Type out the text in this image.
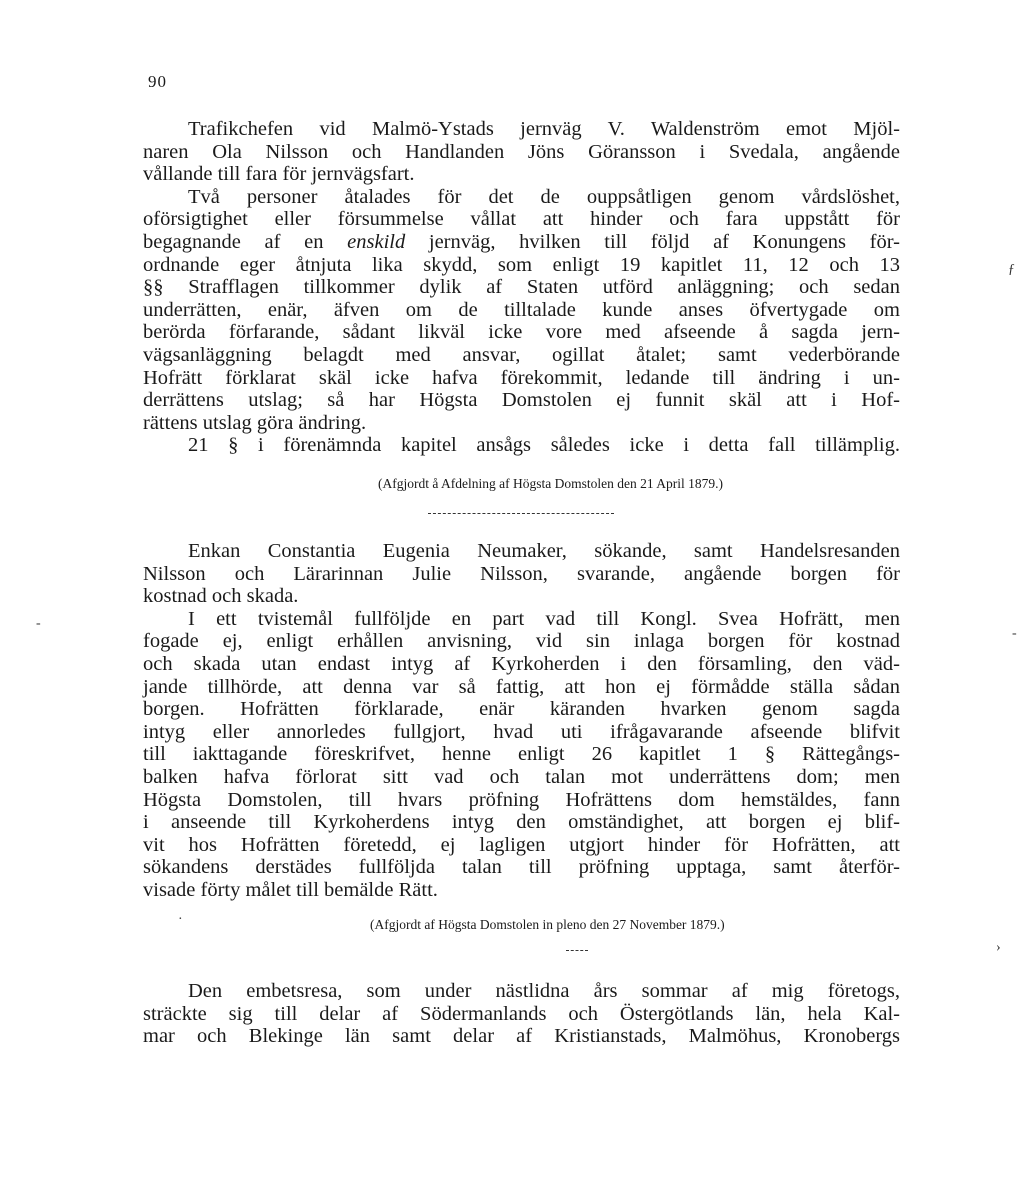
90
Trafikchefen vid Malmö-Ystads jernväg V. Waldenström emot Mjöl-
naren Ola Nilsson och Handlanden Jöns Göransson i Svedala, angående
vållande till fara för jernvägsfart.
Två personer åtalades för det de ouppsåtligen genom vårdslöshet,
oförsigtighet eller försummelse vållat att hinder och fara uppstått för
begagnande af en enskild jernväg, hvilken till följd af Konungens för-
ordnande eger åtnjuta lika skydd, som enligt 19 kapitlet 11, 12 och 13
§§ Strafflagen tillkommer dylik af Staten utförd anläggning; och sedan
underrätten, enär, äfven om de tilltalade kunde anses öfvertygade om
berörda förfarande, sådant likväl icke vore med afseende å sagda jern-
vägsanläggning belagdt med ansvar, ogillat åtalet; samt vederbörande
Hofrätt förklarat skäl icke hafva förekommit, ledande till ändring i un-
derrättens utslag; så har Högsta Domstolen ej funnit skäl att i Hof-
rättens utslag göra ändring.
21 § i förenämnda kapitel ansågs således icke i detta fall tillämplig.
(Afgjordt å Afdelning af Högsta Domstolen den 21 April 1879.)
Enkan Constantia Eugenia Neumaker, sökande, samt Handelsresanden
Nilsson och Lärarinnan Julie Nilsson, svarande, angående borgen för
kostnad och skada.
I ett tvistemål fullföljde en part vad till Kongl. Svea Hofrätt, men
fogade ej, enligt erhållen anvisning, vid sin inlaga borgen för kostnad
och skada utan endast intyg af Kyrkoherden i den församling, den väd-
jande tillhörde, att denna var så fattig, att hon ej förmådde ställa sådan
borgen. Hofrätten förklarade, enär käranden hvarken genom sagda
intyg eller annorledes fullgjort, hvad uti ifrågavarande afseende blifvit
till iakttagande föreskrifvet, henne enligt 26 kapitlet 1 § Rättegångs-
balken hafva förlorat sitt vad och talan mot underrättens dom; men
Högsta Domstolen, till hvars pröfning Hofrättens dom hemstäldes, fann
i anseende till Kyrkoherdens intyg den omständighet, att borgen ej blif-
vit hos Hofrätten företedd, ej lagligen utgjort hinder för Hofrätten, att
sökandens derstädes fullföljda talan till pröfning upptaga, samt återför-
visade förty målet till bemälde Rätt.
(Afgjordt af Högsta Domstolen in pleno den 27 November 1879.)
Den embetsresa, som under nästlidna års sommar af mig företogs,
sträckte sig till delar af Södermanlands och Östergötlands län, hela Kal-
mar och Blekinge län samt delar af Kristianstads, Malmöhus, Kronobergs
ƒ
-
-
·
›
